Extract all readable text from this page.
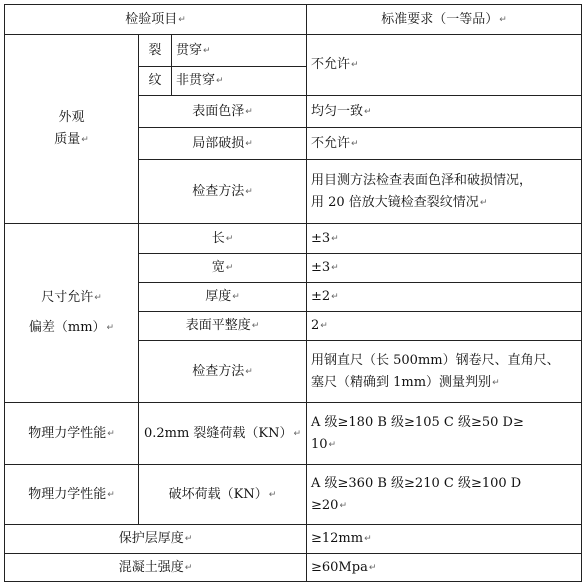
检验项目↵			标准要求（一等品）↵

外观
质量↵	裂	贯穿↵	不允许↵
	纹	非贯穿↵	
	表面色泽↵		均匀一致↵
	局部破损↵		不允许↵
	检查方法↵		用目测方法检查表面色泽和破损情况，
用 20 倍放大镜检查裂纹情况↵

尺寸允许↵
偏差（mm）↵	长↵		±3↵
	宽↵		±3↵
	厚度↵		±2↵
	表面平整度↵		2↵
	检查方法↵		用钢直尺（长 500mm）钢卷尺、直角尺、
塞尺（精确到 1mm）测量判别↵

物理力学性能↵	0.2mm 裂缝荷载（KN）↵		A 级≥180 B 级≥105 C 级≥50 D≥
10↵

物理力学性能↵	破坏荷载（KN）↵		A 级≥360 B 级≥210 C 级≥100 D
≥20↵

保护层厚度↵			≥12mm↵
混凝土强度↵			≥60Mpa↵
